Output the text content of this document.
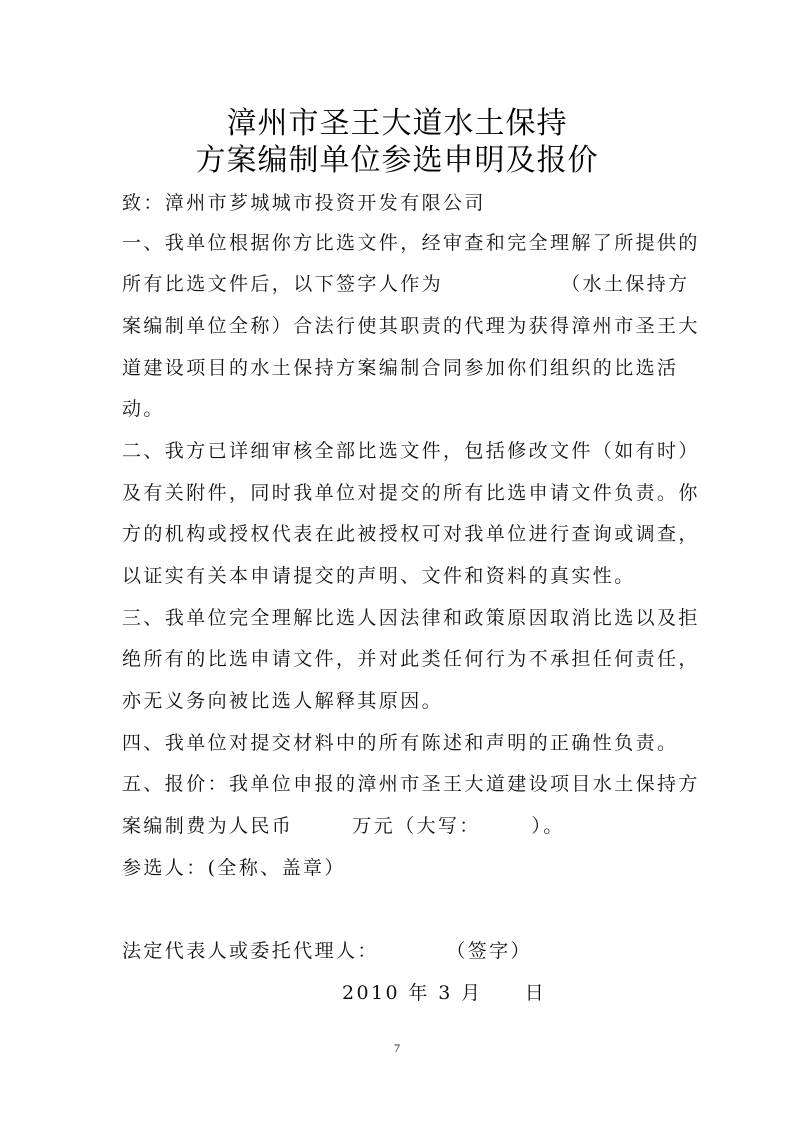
漳州市圣王大道水土保持
方案编制单位参选申明及报价
致：漳州市芗城城市投资开发有限公司
一、我单位根据你方比选文件，经审查和完全理解了所提供的
所有比选文件后，以下签字人作为              （水土保持方
案编制单位全称）合法行使其职责的代理为获得漳州市圣王大
道建设项目的水土保持方案编制合同参加你们组织的比选活
动。
二、我方已详细审核全部比选文件，包括修改文件（如有时）
及有关附件，同时我单位对提交的所有比选申请文件负责。你
方的机构或授权代表在此被授权可对我单位进行查询或调查，
以证实有关本申请提交的声明、文件和资料的真实性。
三、我单位完全理解比选人因法律和政策原因取消比选以及拒
绝所有的比选申请文件，并对此类任何行为不承担任何责任，
亦无义务向被比选人解释其原因。
四、我单位对提交材料中的所有陈述和声明的正确性负责。
五、报价：我单位申报的漳州市圣王大道建设项目水土保持方
案编制费为人民币       万元（大写：      ）。
参选人：(全称、盖章）
法定代表人或委托代理人：        （签字）
2010 年 3 月     日
7
